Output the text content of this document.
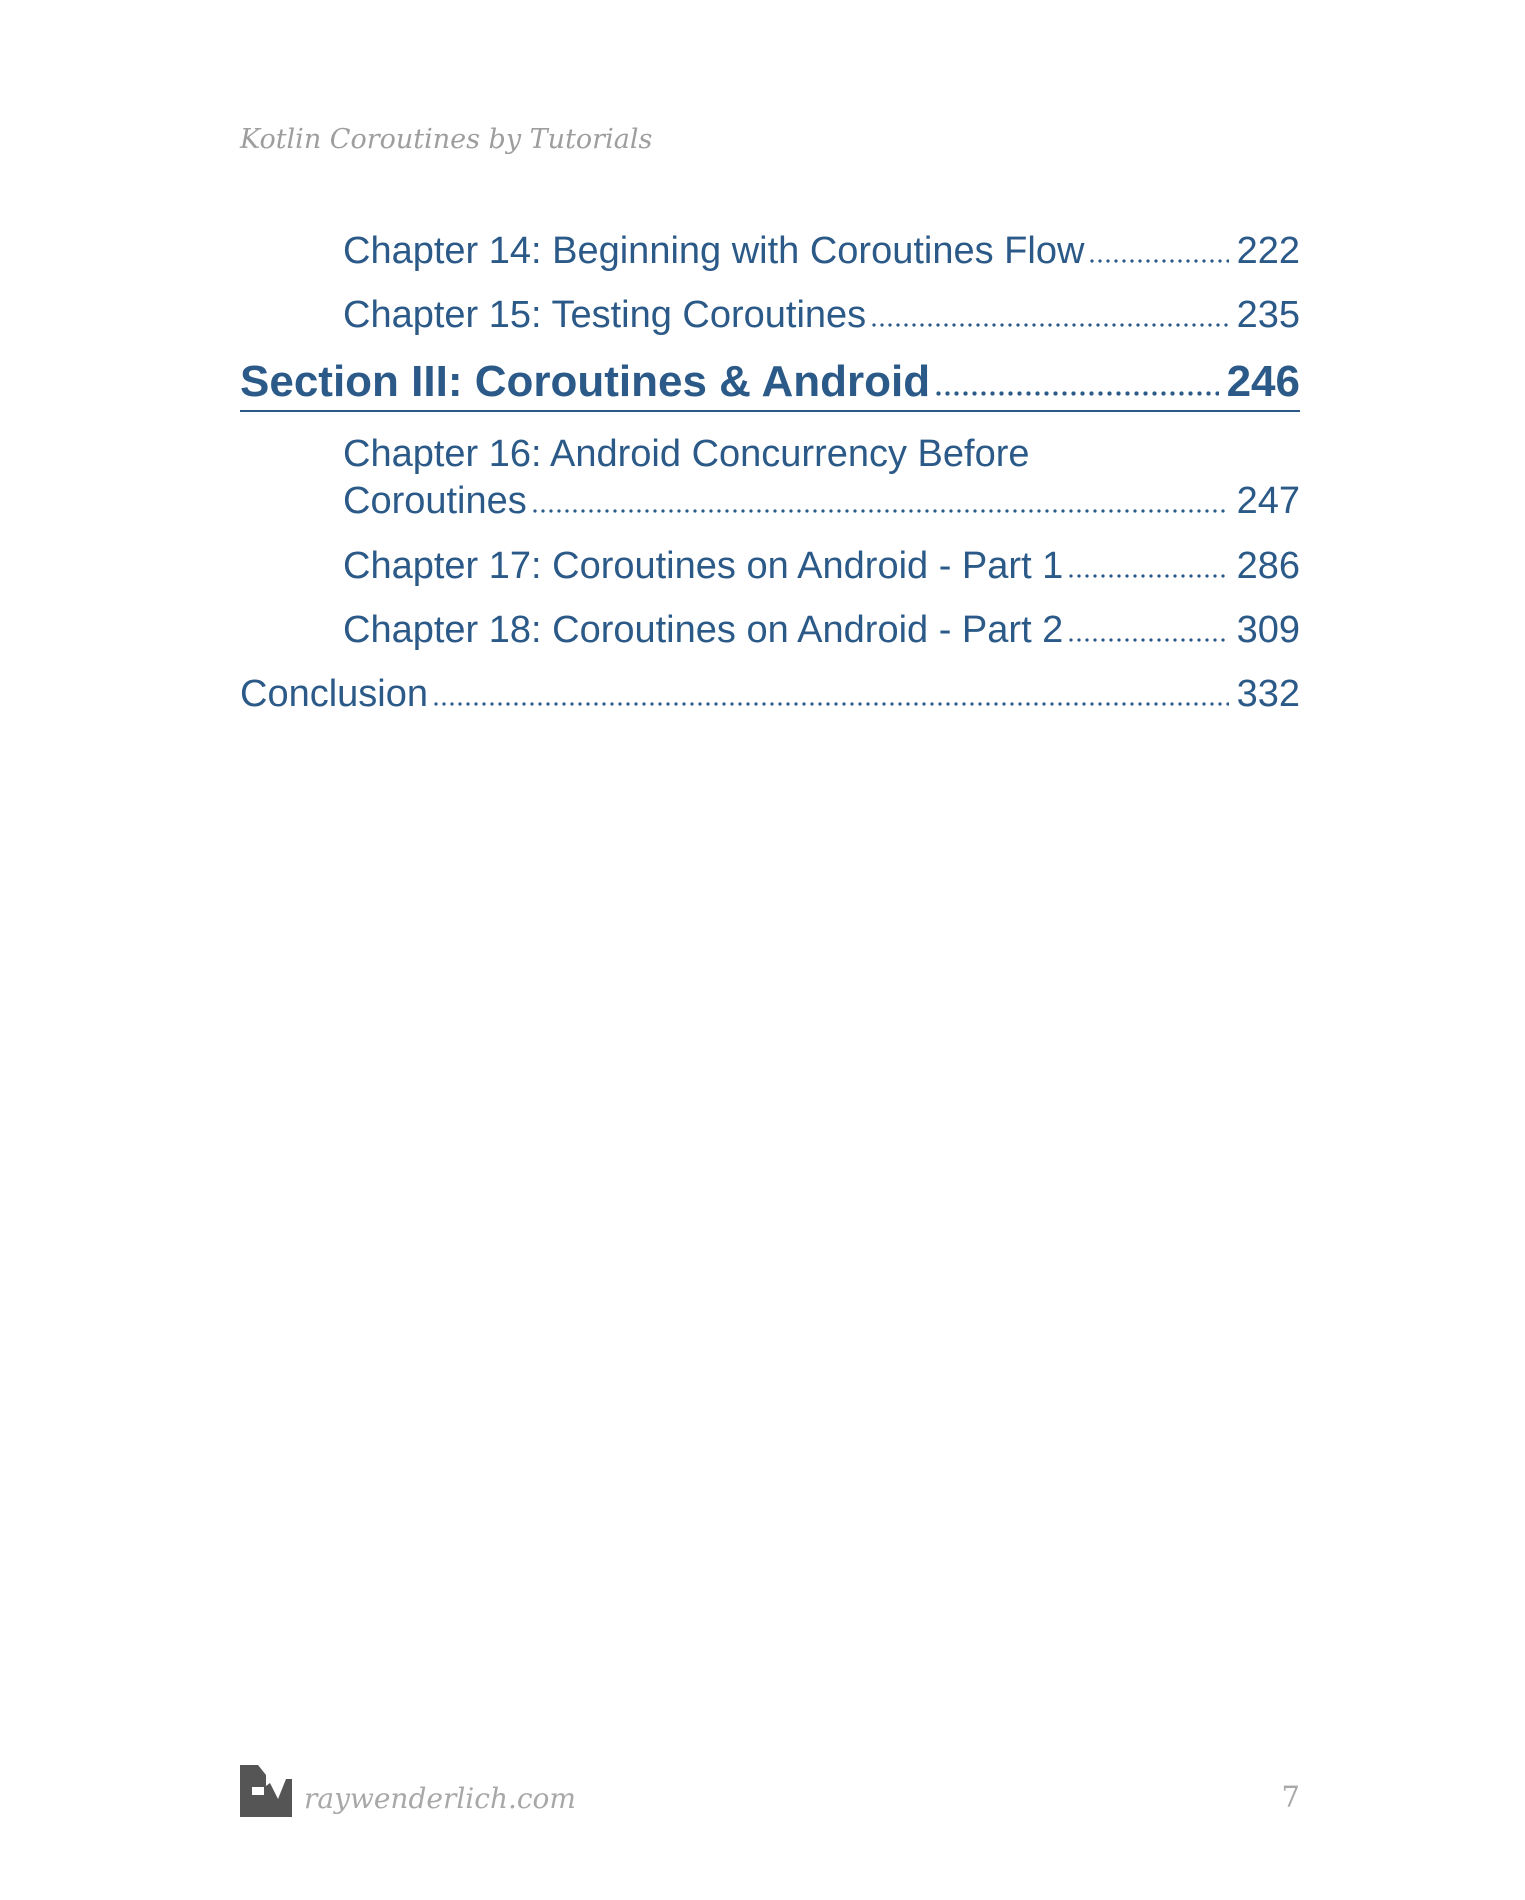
Kotlin Coroutines by Tutorials
Chapter 14: Beginning with Coroutines Flow	222
Chapter 15: Testing Coroutines	235
Section III: Coroutines & Android	246
Chapter 16: Android Concurrency Before
Coroutines	247
Chapter 17: Coroutines on Android - Part 1	286
Chapter 18: Coroutines on Android - Part 2	309
Conclusion	332
raywenderlich.com	7
